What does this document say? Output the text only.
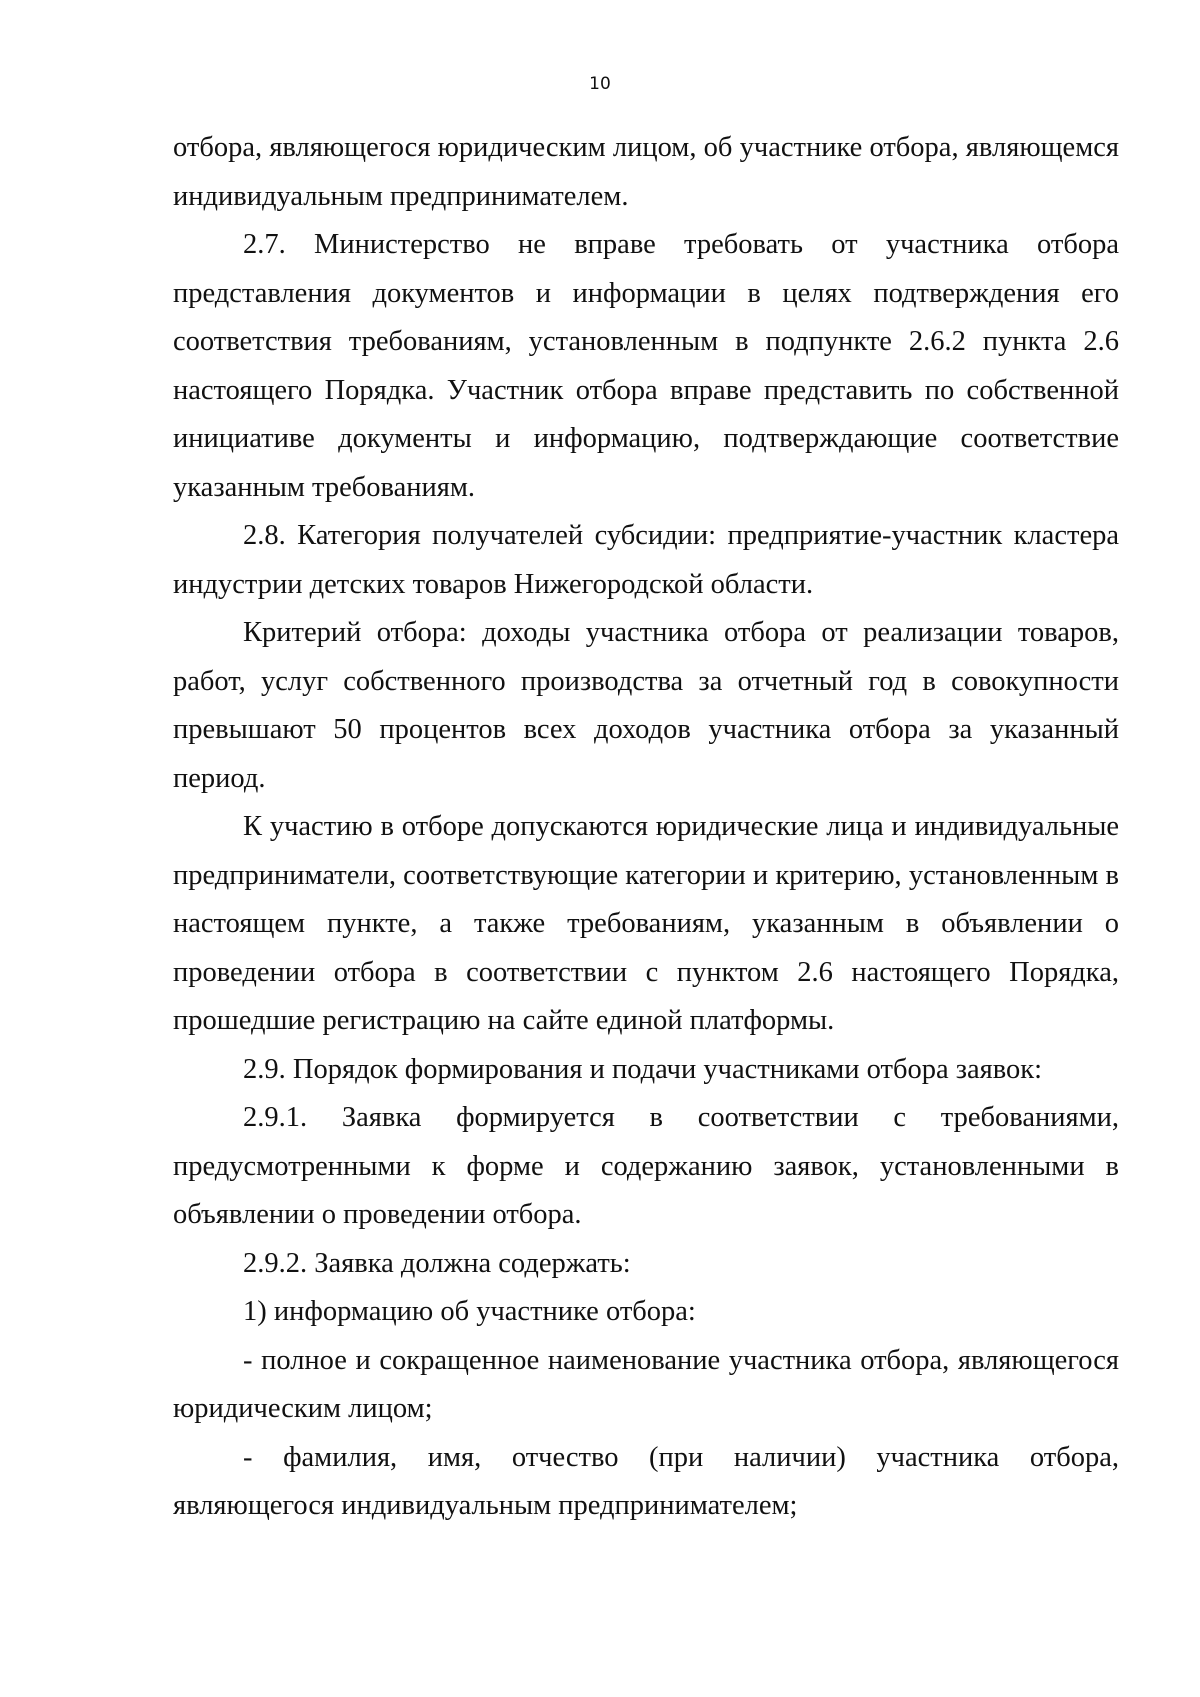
10

отбора, являющегося юридическим лицом, об участнике отбора, являющемся индивидуальным предпринимателем.

2.7. Министерство не вправе требовать от участника отбора представления документов и информации в целях подтверждения его соответствия требованиям, установленным в подпункте 2.6.2 пункта 2.6 настоящего Порядка. Участник отбора вправе представить по собственной инициативе документы и информацию, подтверждающие соответствие указанным требованиям.

2.8. Категория получателей субсидии: предприятие-участник кластера индустрии детских товаров Нижегородской области.

Критерий отбора: доходы участника отбора от реализации товаров, работ, услуг собственного производства за отчетный год в совокупности превышают 50 процентов всех доходов участника отбора за указанный период.

К участию в отборе допускаются юридические лица и индивидуальные предприниматели, соответствующие категории и критерию, установленным в настоящем пункте, а также требованиям, указанным в объявлении о проведении отбора в соответствии с пунктом 2.6 настоящего Порядка, прошедшие регистрацию на сайте единой платформы.

2.9. Порядок формирования и подачи участниками отбора заявок:

2.9.1. Заявка формируется в соответствии с требованиями, предусмотренными к форме и содержанию заявок, установленными в объявлении о проведении отбора.

2.9.2. Заявка должна содержать:

1) информацию об участнике отбора:

- полное и сокращенное наименование участника отбора, являющегося юридическим лицом;

- фамилия, имя, отчество (при наличии) участника отбора, являющегося индивидуальным предпринимателем;
